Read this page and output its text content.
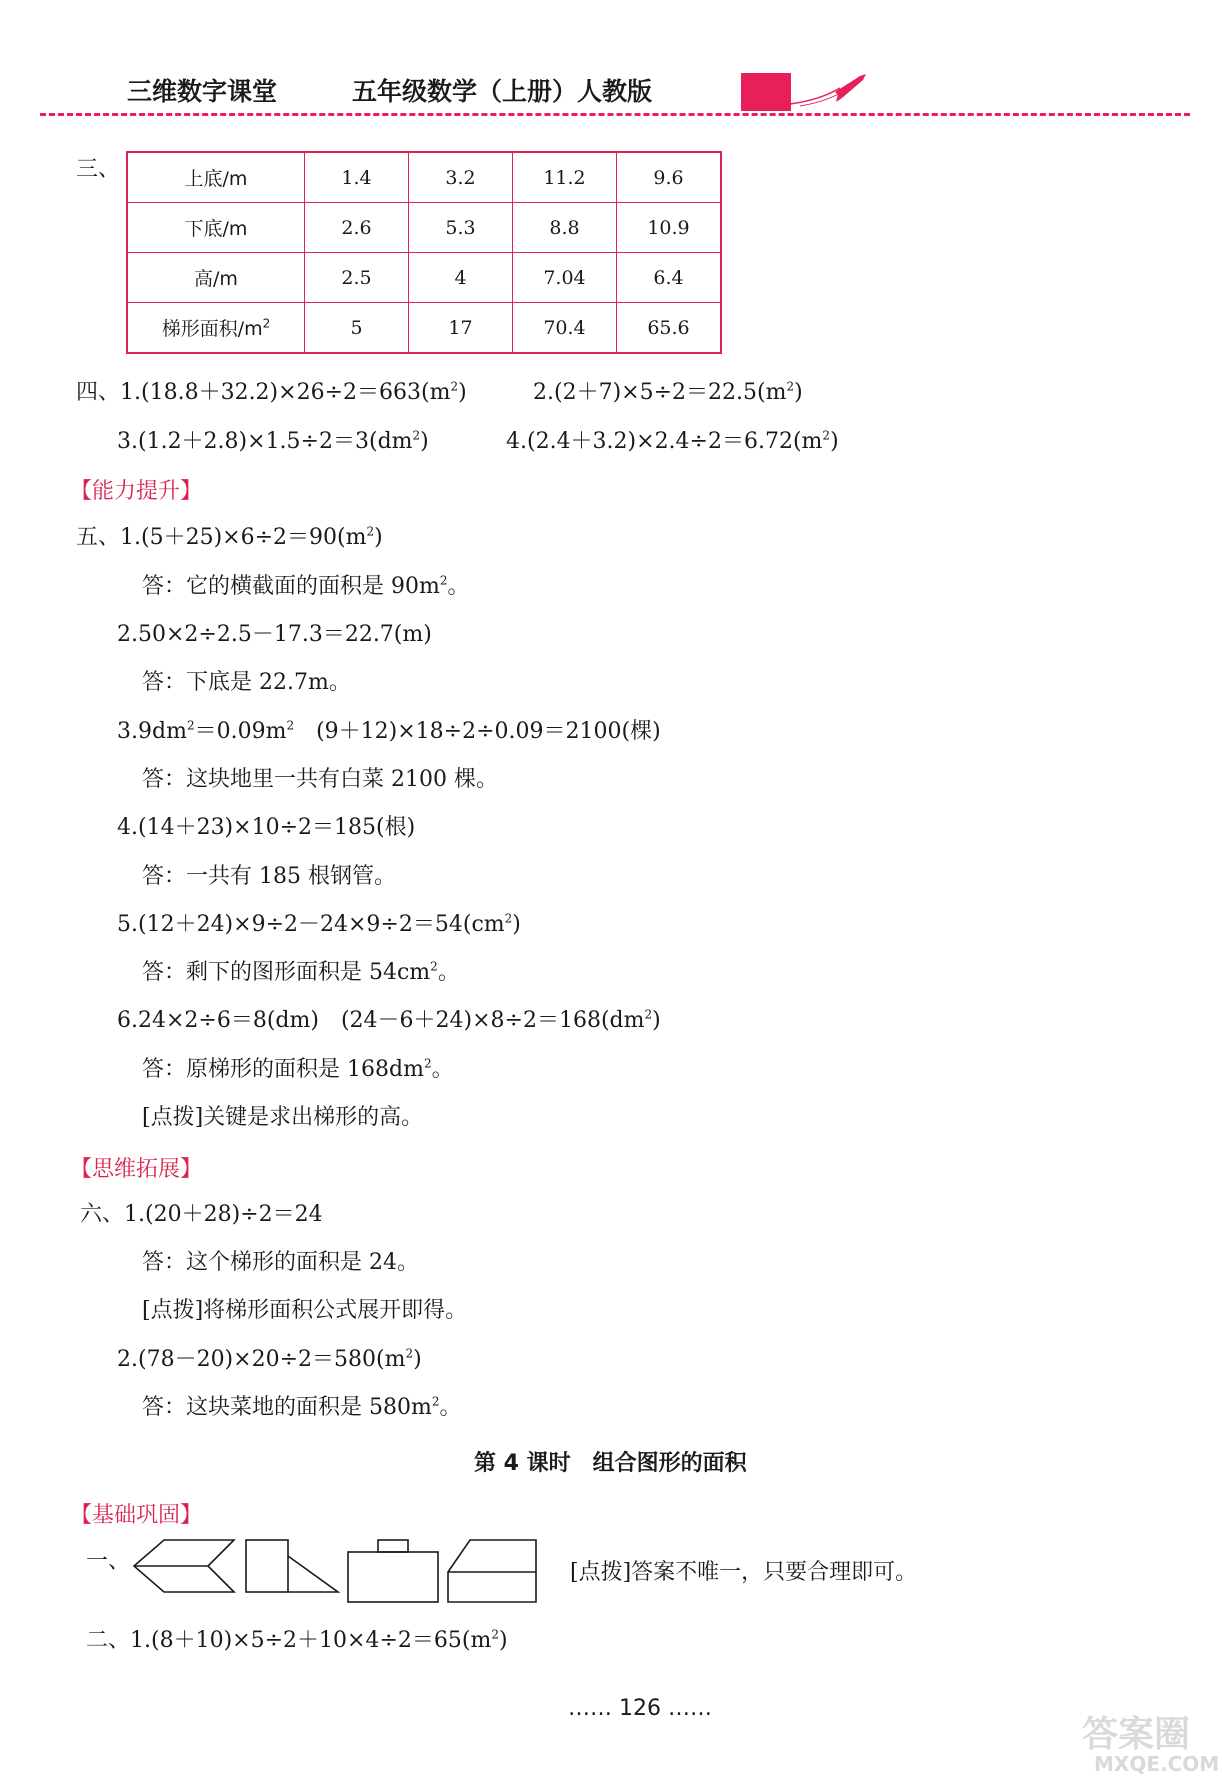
三维数字课堂	五年级数学（上册）人教版
三、	上底/m	1.4	3.2	11.2	9.6
下底/m	2.6	5.3	8.8	10.9
高/m	2.5	4	7.04	6.4
梯形面积$/m^2$	5	17	70.4	65.6
四、$1.(18.8+32.2)\times 26\div 2=663(m^2)$	$2.(2+7)\times 5\div 2=22.5(m^2)$
$3.(1.2+2.8)\times 1.5\div 2=3(dm^2)$	$4.(2.4+3.2)\times 2.4\div 2=6.72(m^2)$
【能力提升】
五、$1.(5+25)\times 6\div 2=90(m^2)$
答：它的横截面的面积是 $90m^2$。
2.50×2÷2.5－17.3＝22.7(m)
答：下底是 22.7m。
$3.9dm^2=0.09m^2$　(9＋12)×18÷2÷0.09＝2100(棵)
答：这块地里一共有白菜 2100 棵。
4.(14＋23)×10÷2＝185(根)
答：一共有 185 根钢管。
$5.(12+24)\times 9\div 2-24\times 9\div 2=54(cm^2)$
答：剩下的图形面积是 $54cm^2$。
6.24×2÷6＝8(dm)　$(24-6+24)\times 8\div 2=168(dm^2)$
答：原梯形的面积是 $168dm^2$。
[点拨]关键是求出梯形的高。
【思维拓展】
六、1.(20＋28)÷2＝24
答：这个梯形的面积是 24。
[点拨]将梯形面积公式展开即得。
$2.(78-20)\times 20\div 2=580(m^2)$
答：这块菜地的面积是 $580m^2$。
第 4 课时　组合图形的面积
【基础巩固】
一、	[点拨]答案不唯一，只要合理即可。
二、$1.(8+10)\times 5\div 2+10\times 4\div 2=65(m^2)$
…… 126 ……
答案圈
MXQE.COM
